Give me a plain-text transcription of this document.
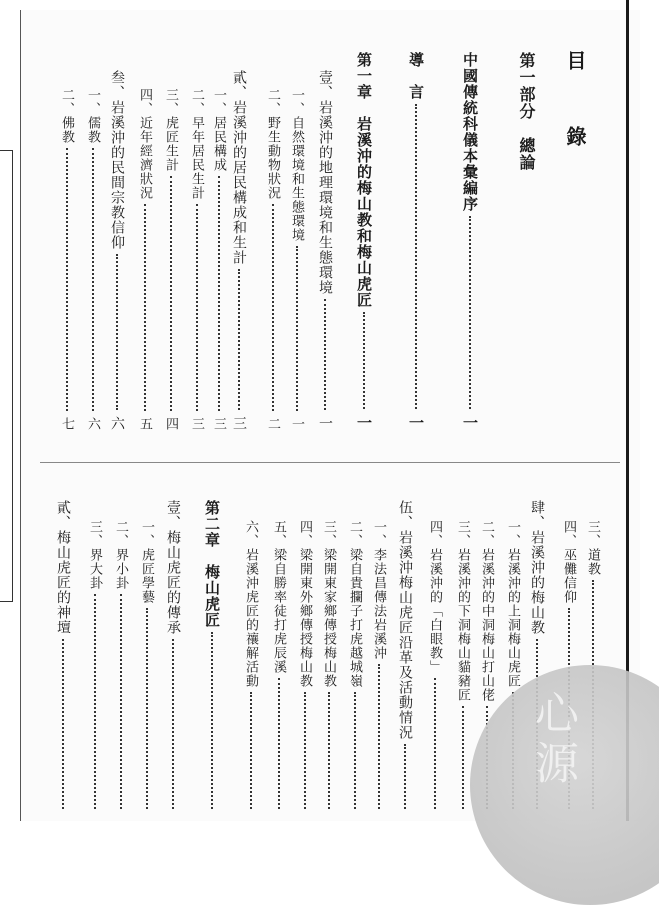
目　錄
第一部分　總論
中國傳統科儀本彙編序
一
導　言
一
第一章　岩溪沖的梅山教和梅山虎匠
一
壹、岩溪沖的地理環境和生態環境
一
一、自然環境和生態環境
一
二、野生動物狀況
二
貳、岩溪沖的居民構成和生計
三
一、居民構成
三
二、早年居民生計
三
三、虎匠生計
四
四、近年經濟狀況
五
叁、岩溪沖的民間宗教信仰
六
一、儒教
六
二、佛教
七
三、道教
四、巫儺信仰
肆、岩溪沖的梅山教
一、岩溪沖的上洞梅山虎匠
二、岩溪沖的中洞梅山打山佬
三、岩溪沖的下洞梅山貓豬匠
四、岩溪沖的「白眼教」
伍、岩溪沖梅山虎匠沿革及活動情況
一、李法昌傳法岩溪沖
二、梁自貴攔子打虎越城嶺
三、梁開東家鄉傳授梅山教
四、梁開東外鄉傳授梅山教
五、梁自勝率徒打虎辰溪
六、岩溪沖虎匠的禳解活動
第二章　梅山虎匠
壹、梅山虎匠的傳承
一、虎匠學藝
二、界小卦
三、界大卦
貳、梅山虎匠的神壇
心源
